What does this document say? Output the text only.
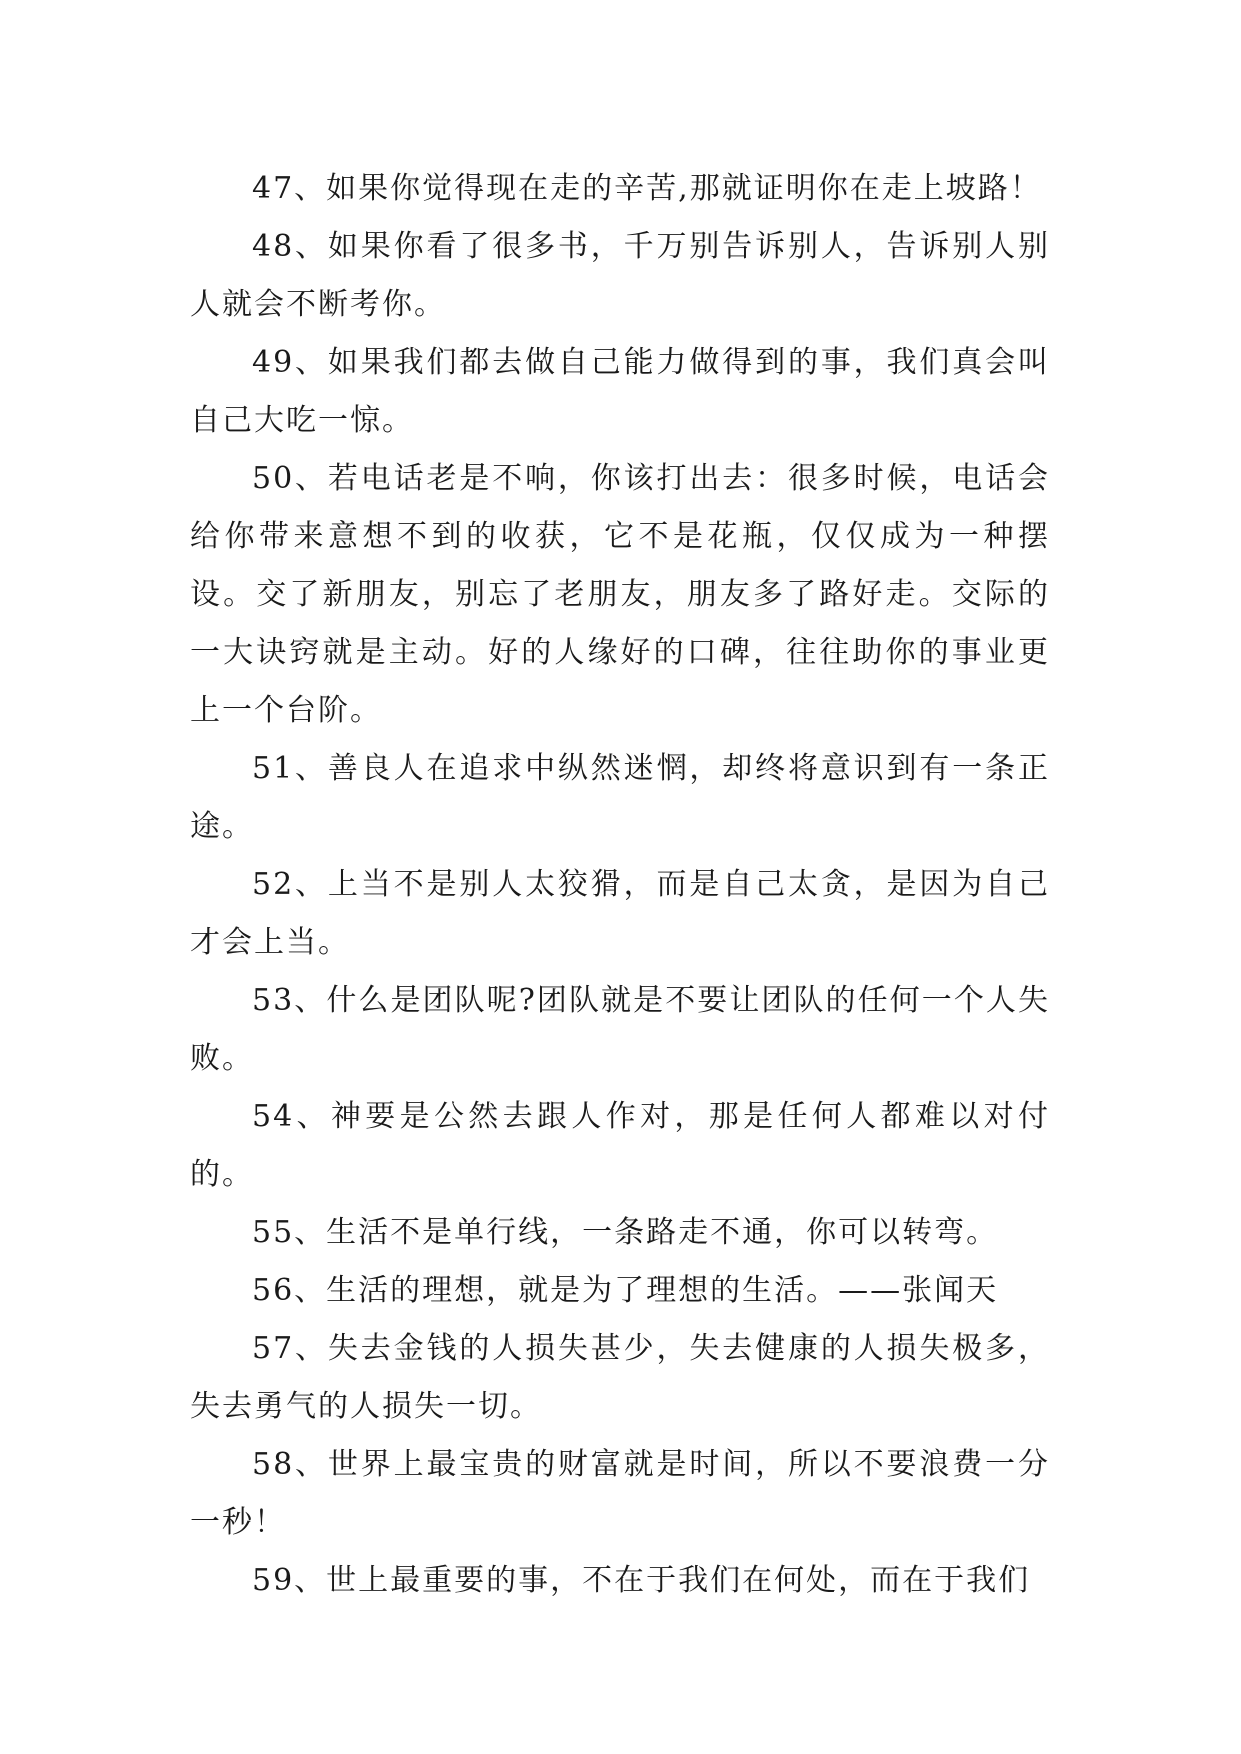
47、如果你觉得现在走的辛苦,那就证明你在走上坡路！

48、如果你看了很多书，千万别告诉别人，告诉别人别人就会不断考你。

49、如果我们都去做自己能力做得到的事，我们真会叫自己大吃一惊。

50、若电话老是不响，你该打出去：很多时候，电话会给你带来意想不到的收获，它不是花瓶，仅仅成为一种摆设。交了新朋友，别忘了老朋友，朋友多了路好走。交际的一大诀窍就是主动。好的人缘好的口碑，往往助你的事业更上一个台阶。

51、善良人在追求中纵然迷惘，却终将意识到有一条正途。

52、上当不是别人太狡猾，而是自己太贪，是因为自己才会上当。

53、什么是团队呢?团队就是不要让团队的任何一个人失败。

54、神要是公然去跟人作对，那是任何人都难以对付的。

55、生活不是单行线，一条路走不通，你可以转弯。

56、生活的理想，就是为了理想的生活。——张闻天

57、失去金钱的人损失甚少，失去健康的人损失极多，失去勇气的人损失一切。

58、世界上最宝贵的财富就是时间，所以不要浪费一分一秒！

59、世上最重要的事，不在于我们在何处，而在于我们
